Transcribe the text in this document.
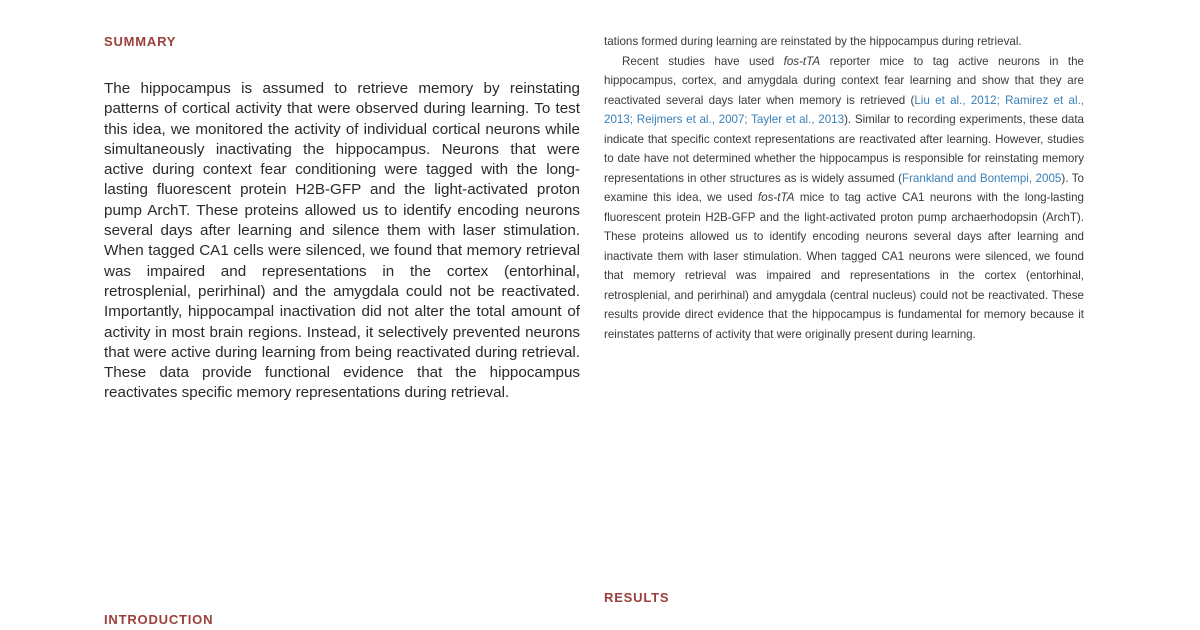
SUMMARY

The hippocampus is assumed to retrieve memory by reinstating patterns of cortical activity that were observed during learning. To test this idea, we monitored the activity of individual cortical neurons while simultaneously inactivating the hippocampus. Neurons that were active during context fear conditioning were tagged with the long-lasting fluorescent protein H2B-GFP and the light-activated proton pump ArchT. These proteins allowed us to identify encoding neurons several days after learning and silence them with laser stimulation. When tagged CA1 cells were silenced, we found that memory retrieval was impaired and representations in the cortex (entorhinal, retrosplenial, perirhinal) and the amygdala could not be reactivated. Importantly, hippocampal inactivation did not alter the total amount of activity in most brain regions. Instead, it selectively prevented neurons that were active during learning from being reactivated during retrieval. These data provide functional evidence that the hippocampus reactivates specific memory representations during retrieval.

INTRODUCTION

tations formed during learning are reinstated by the hippocampus during retrieval.

Recent studies have used fos-tTA reporter mice to tag active neurons in the hippocampus, cortex, and amygdala during context fear learning and show that they are reactivated several days later when memory is retrieved (Liu et al., 2012; Ramirez et al., 2013; Reijmers et al., 2007; Tayler et al., 2013). Similar to recording experiments, these data indicate that specific context representations are reactivated after learning. However, studies to date have not determined whether the hippocampus is responsible for reinstating memory representations in other structures as is widely assumed (Frankland and Bontempi, 2005). To examine this idea, we used fos-tTA mice to tag active CA1 neurons with the long-lasting fluorescent protein H2B-GFP and the light-activated proton pump archaerhodopsin (ArchT). These proteins allowed us to identify encoding neurons several days after learning and inactivate them with laser stimulation. When tagged CA1 neurons were silenced, we found that memory retrieval was impaired and representations in the cortex (entorhinal, retrosplenial, and perirhinal) and amygdala (central nucleus) could not be reactivated. These results provide direct evidence that the hippocampus is fundamental for memory because it reinstates patterns of activity that were originally present during learning.

RESULTS
